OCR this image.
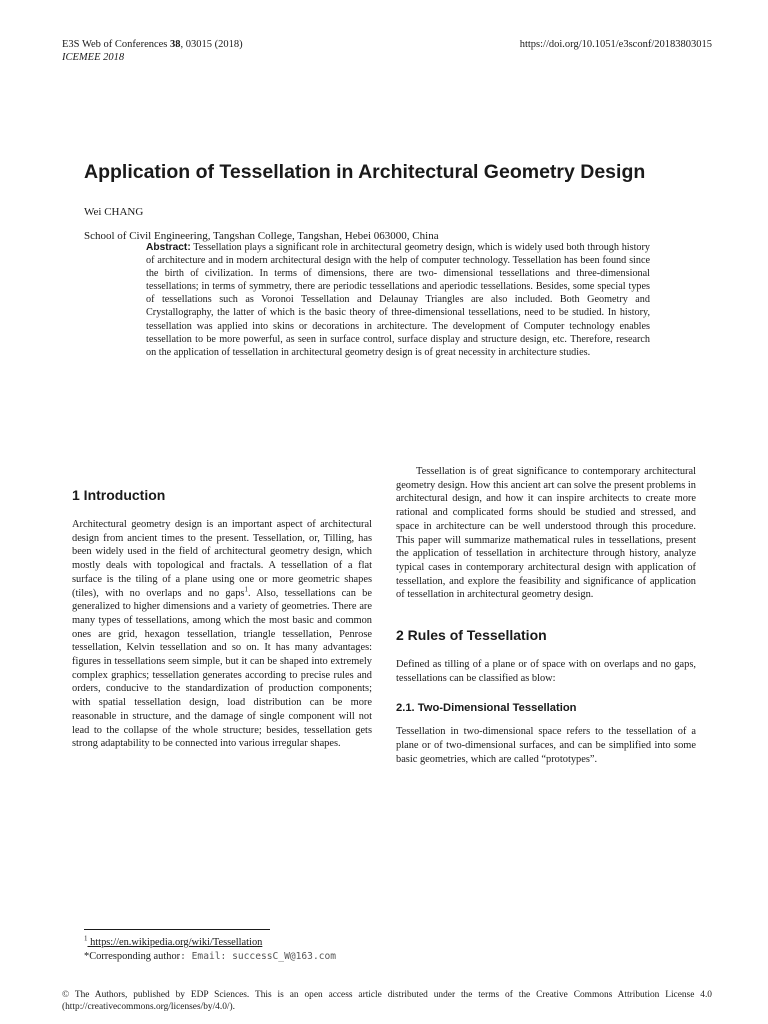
E3S Web of Conferences 38, 03015 (2018)
ICEMEE 2018
https://doi.org/10.1051/e3sconf/20183803015
Application of Tessellation in Architectural Geometry Design
Wei CHANG
School of Civil Engineering, Tangshan College, Tangshan, Hebei 063000, China

Abstract: Tessellation plays a significant role in architectural geometry design, which is widely used both through history of architecture and in modern architectural design with the help of computer technology. Tessellation has been found since the birth of civilization. In terms of dimensions, there are two- dimensional tessellations and three-dimensional tessellations; in terms of symmetry, there are periodic tessellations and aperiodic tessellations. Besides, some special types of tessellations such as Voronoi Tessellation and Delaunay Triangles are also included. Both Geometry and Crystallography, the latter of which is the basic theory of three-dimensional tessellations, need to be studied. In history, tessellation was applied into skins or decorations in architecture. The development of Computer technology enables tessellation to be more powerful, as seen in surface control, surface display and structure design, etc. Therefore, research on the application of tessellation in architectural geometry design is of great necessity in architecture studies.

1 Introduction

Architectural geometry design is an important aspect of architectural design from ancient times to the present. Tessellation, or, Tilling, has been widely used in the field of architectural geometry design, which mostly deals with topological and fractals. A tessellation of a flat surface is the tiling of a plane using one or more geometric shapes (tiles), with no overlaps and no gaps$^1$. Also, tessellations can be generalized to higher dimensions and a variety of geometries. There are many types of tessellations, among which the most basic and common ones are grid, hexagon tessellation, triangle tessellation, Penrose tessellation, Kelvin tessellation and so on. It has many advantages: figures in tessellations seem simple, but it can be shaped into extremely complex graphics; tessellation generates according to precise rules and orders, conducive to the standardization of production components; with spatial tessellation design, load distribution can be more reasonable in structure, and the damage of single component will not lead to the collapse of the whole structure; besides, tessellation gets strong adaptability to be connected into various irregular shapes.

Tessellation is of great significance to contemporary architectural geometry design. How this ancient art can solve the present problems in architectural design, and how it can inspire architects to create more rational and complicated forms should be studied and stressed, and space in architecture can be well understood through this procedure. This paper will summarize mathematical rules in tessellations, present the application of tessellation in architecture through history, analyze typical cases in contemporary architectural design with application of tessellation, and explore the feasibility and significance of application of tessellation in architectural geometry design.

2 Rules of Tessellation

Defined as tilling of a plane or of space with on overlaps and no gaps, tessellations can be classified as blow:

2.1. Two-Dimensional Tessellation

Tessellation in two-dimensional space refers to the tessellation of a plane or of two-dimensional surfaces, and can be simplified into some basic geometries, which are called “prototypes”.

$^1$ https://en.wikipedia.org/wiki/Tessellation
*Corresponding author: Email: successC_W@163.com

© The Authors, published by EDP Sciences. This is an open access article distributed under the terms of the Creative Commons Attribution License 4.0 (http://creativecommons.org/licenses/by/4.0/).
